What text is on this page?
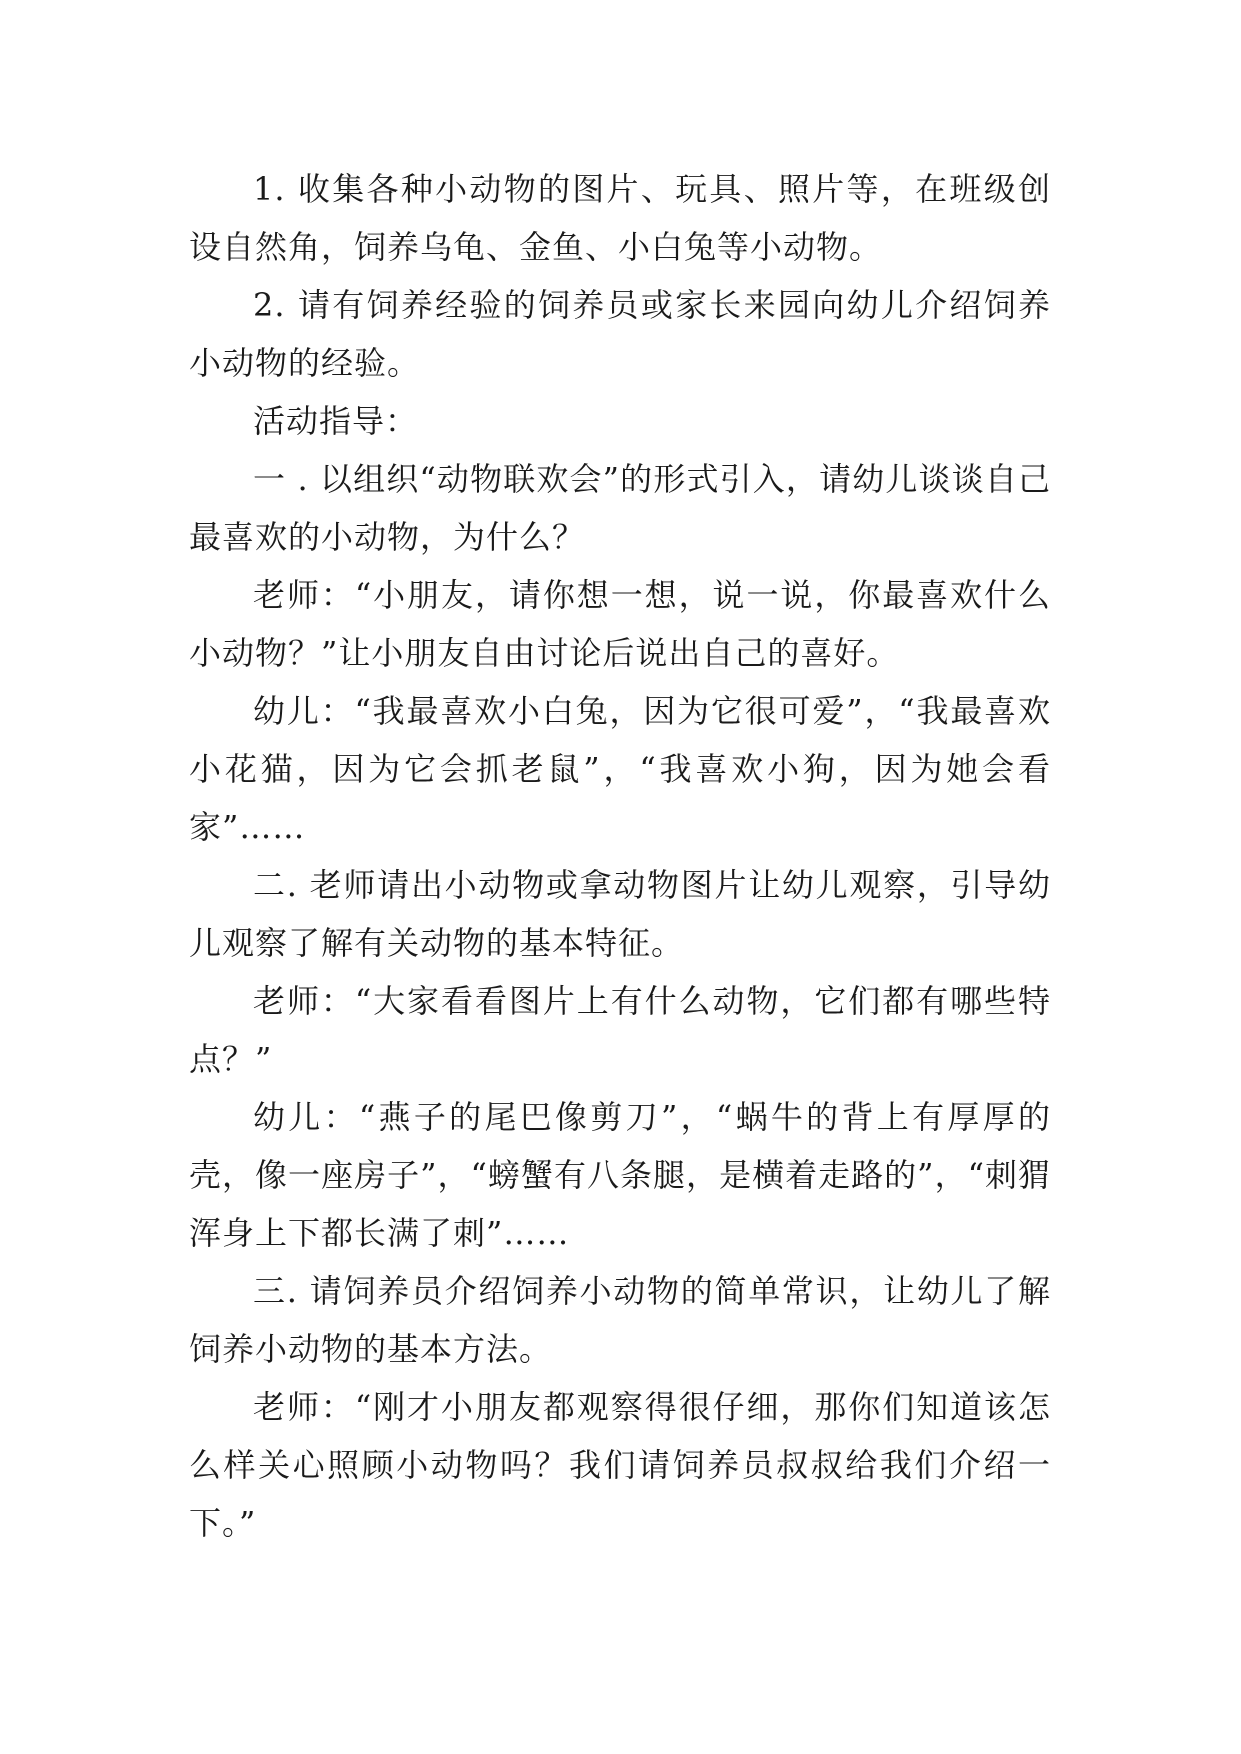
1. 收集各种小动物的图片、玩具、照片等，在班级创设自然角，饲养乌龟、金鱼、小白兔等小动物。

2. 请有饲养经验的饲养员或家长来园向幼儿介绍饲养小动物的经验。

活动指导：

一 . 以组织“动物联欢会”的形式引入，请幼儿谈谈自己最喜欢的小动物，为什么？

老师：“小朋友，请你想一想，说一说，你最喜欢什么小动物？”让小朋友自由讨论后说出自己的喜好。

幼儿：“我最喜欢小白兔，因为它很可爱”，“我最喜欢小花猫，因为它会抓老鼠”，“我喜欢小狗，因为她会看家”……

二. 老师请出小动物或拿动物图片让幼儿观察，引导幼儿观察了解有关动物的基本特征。

老师：“大家看看图片上有什么动物，它们都有哪些特点？”

幼儿：“燕子的尾巴像剪刀”，“蜗牛的背上有厚厚的壳，像一座房子”，“螃蟹有八条腿，是横着走路的”，“刺猬浑身上下都长满了刺”……

三. 请饲养员介绍饲养小动物的简单常识，让幼儿了解饲养小动物的基本方法。

老师：“刚才小朋友都观察得很仔细，那你们知道该怎么样关心照顾小动物吗？我们请饲养员叔叔给我们介绍一下。”
